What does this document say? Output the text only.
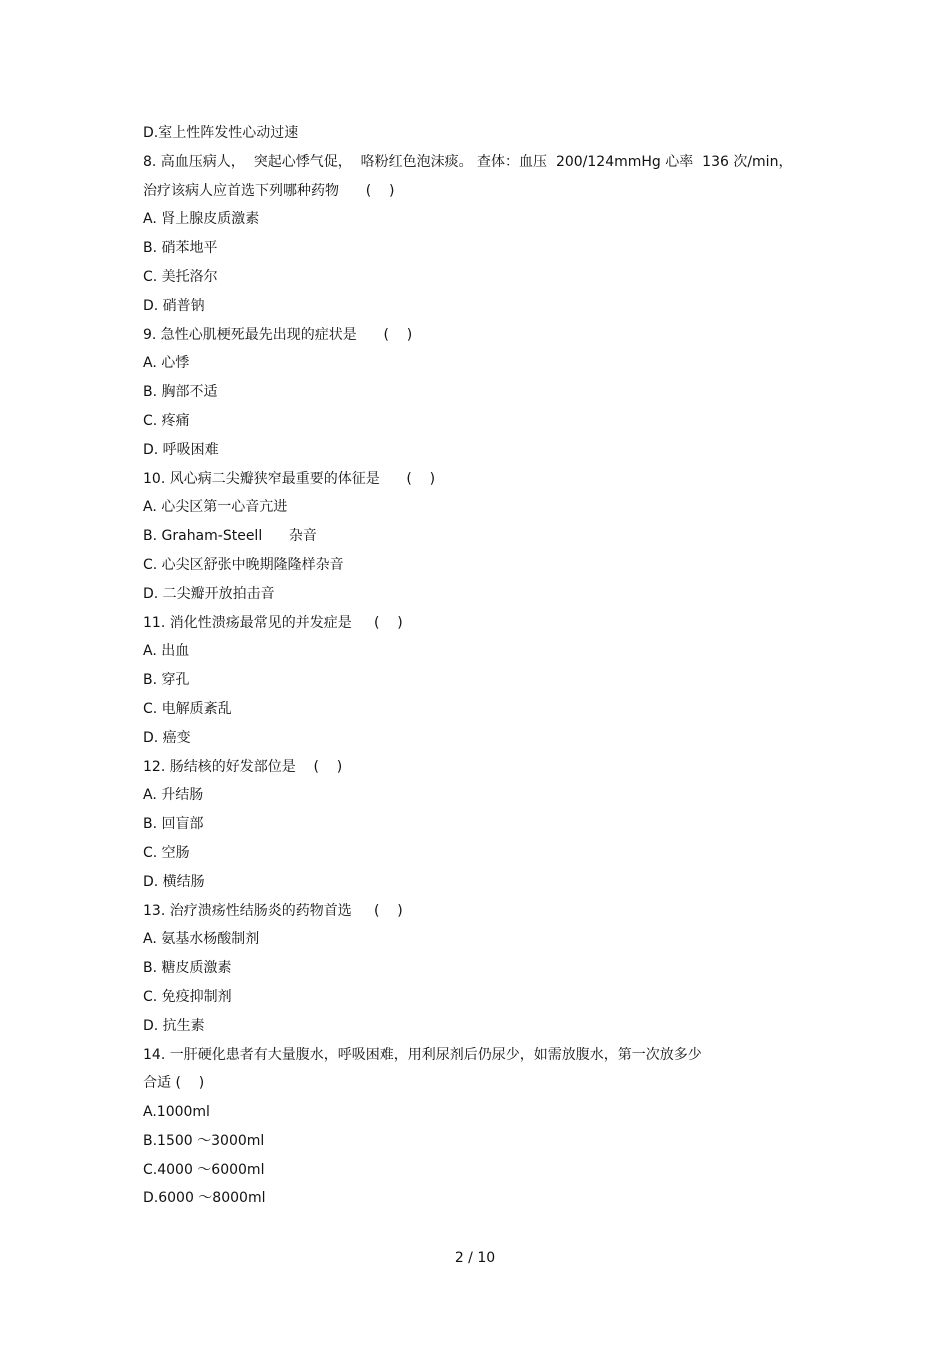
D.室上性阵发性心动过速
8. 高血压病人，  突起心悸气促，  咯粉红色泡沫痰。 查体：血压  200/124mmHg 心率  136 次/min，
治疗该病人应首选下列哪种药物      (    )
A. 肾上腺皮质激素
B. 硝苯地平
C. 美托洛尔
D. 硝普钠
9. 急性心肌梗死最先出现的症状是      (    )
A. 心悸
B. 胸部不适
C. 疼痛
D. 呼吸困难
10. 风心病二尖瓣狭窄最重要的体征是      (    )
A. 心尖区第一心音亢进
B. Graham-Steell      杂音
C. 心尖区舒张中晚期隆隆样杂音
D. 二尖瓣开放拍击音
11. 消化性溃疡最常见的并发症是     (    )
A. 出血
B. 穿孔
C. 电解质紊乱
D. 癌变
12. 肠结核的好发部位是    (    )
A. 升结肠
B. 回盲部
C. 空肠
D. 横结肠
13. 治疗溃疡性结肠炎的药物首选     (    )
A. 氨基水杨酸制剂
B. 糖皮质激素
C. 免疫抑制剂
D. 抗生素
14. 一肝硬化患者有大量腹水，呼吸困难，用利尿剂后仍尿少，如需放腹水，第一次放多少
合适 (    )
A.1000ml
B.1500 ～3000ml
C.4000 ～6000ml
D.6000 ～8000ml
2 / 10
